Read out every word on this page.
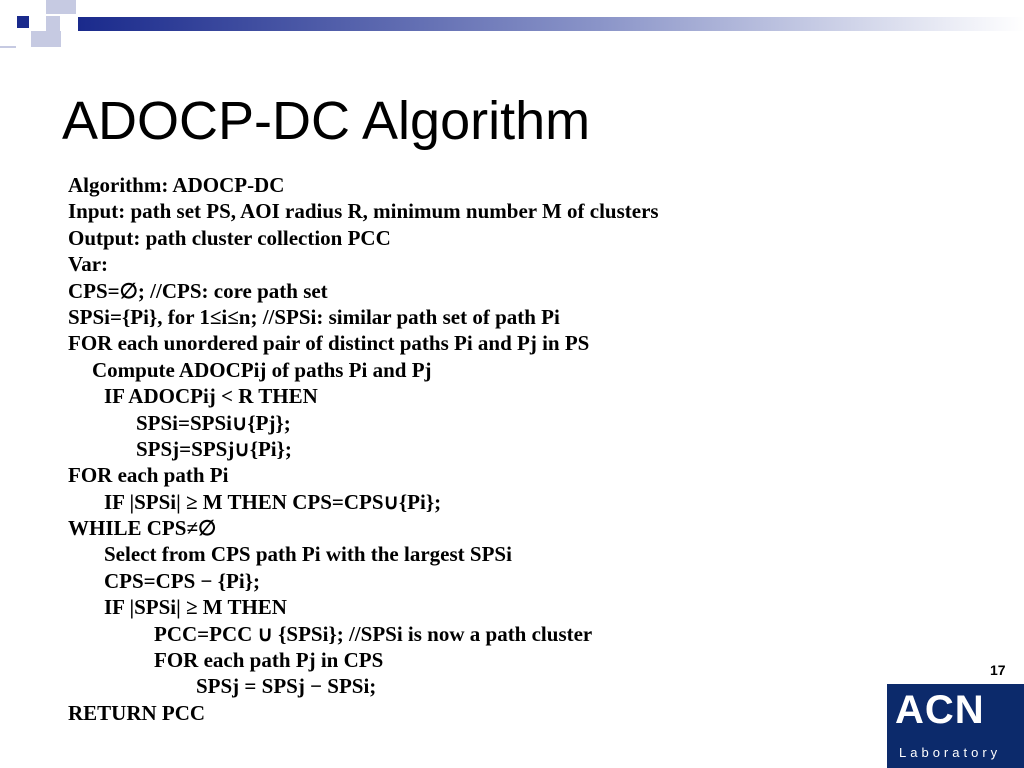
ADOCP-DC Algorithm
Algorithm: ADOCP-DC
Input: path set PS, AOI radius R, minimum number M of clusters
Output: path cluster collection PCC
Var:
CPS=∅; //CPS: core path set
SPSi={Pi}, for 1≤i≤n; //SPSi: similar path set of path Pi
FOR each unordered pair of distinct paths Pi and Pj in PS
Compute ADOCPij of paths Pi and Pj
IF ADOCPij < R THEN
SPSi=SPSi∪{Pj};
SPSj=SPSj∪{Pi};
FOR each path Pi
IF |SPSi| ≥ M THEN CPS=CPS∪{Pi};
WHILE CPS≠∅
Select from CPS path Pi with the largest SPSi
CPS=CPS − {Pi};
IF |SPSi| ≥ M THEN
PCC=PCC ∪ {SPSi}; //SPSi is now a path cluster
FOR each path Pj in CPS
SPSj = SPSj − SPSi;
RETURN PCC
17
ACN
Laboratory
